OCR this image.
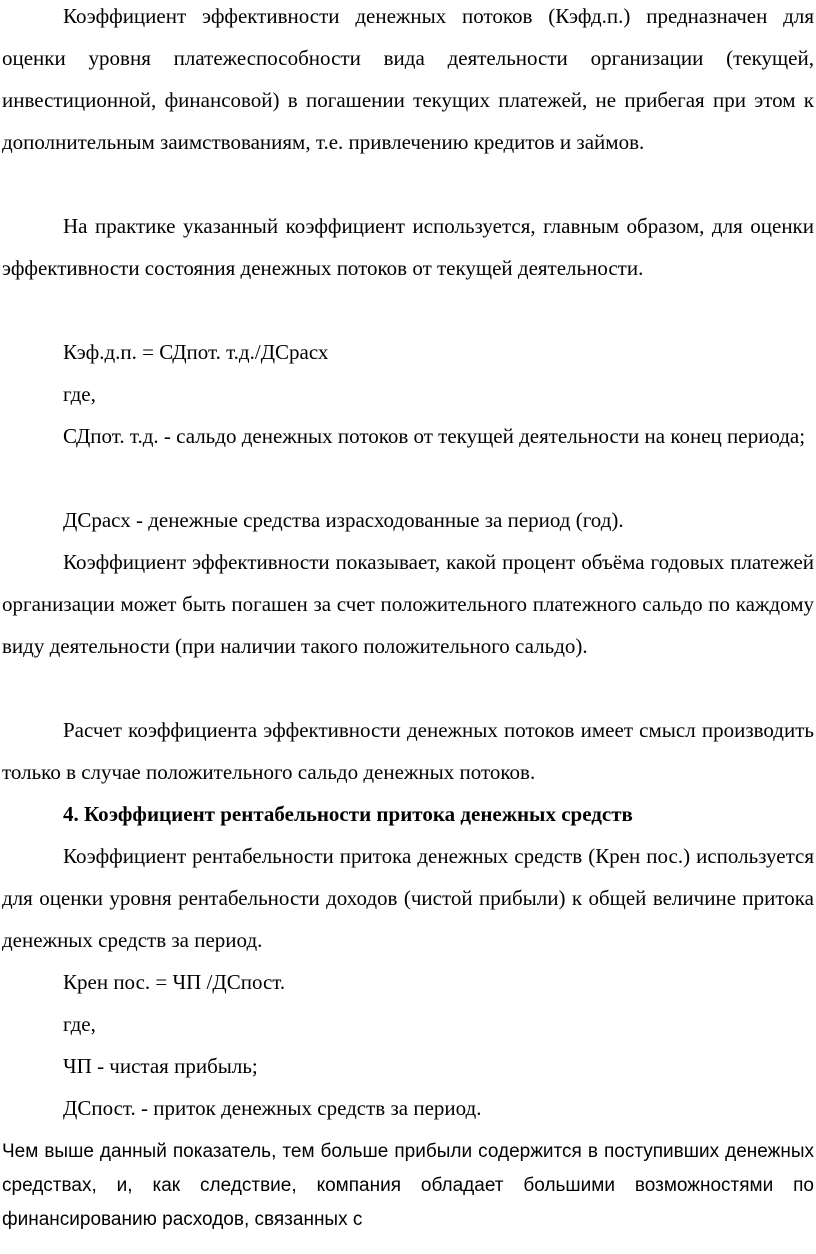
Коэффициент эффективности денежных потоков (Кэфд.п.) предназначен для оценки уровня платежеспособности вида деятельности организации (текущей, инвестиционной, финансовой) в погашении текущих платежей, не прибегая при этом к дополнительным заимствованиям, т.е. привлечению кредитов и займов.

На практике указанный коэффициент используется, главным образом, для оценки эффективности состояния денежных потоков от текущей деятельности.

Кэф.д.п. = СДпот. т.д./ДСрасх

где,

СДпот. т.д. - сальдо денежных потоков от текущей деятельности на конец периода;

ДСрасх - денежные средства израсходованные за период (год).

Коэффициент эффективности показывает, какой процент объёма годовых платежей организации может быть погашен за счет положительного платежного сальдо по каждому виду деятельности (при наличии такого положительного сальдо).

Расчет коэффициента эффективности денежных потоков имеет смысл производить только в случае положительного сальдо денежных потоков.

4. Коэффициент рентабельности притока денежных средств

Коэффициент рентабельности притока денежных средств (Крен пос.) используется для оценки уровня рентабельности доходов (чистой прибыли) к общей величине притока денежных средств за период.

Крен пос. = ЧП /ДСпост.

где,

ЧП - чистая прибыль;

ДСпост. - приток денежных средств за период.

Чем выше данный показатель, тем больше прибыли содержится в поступивших денежных средствах, и, как следствие, компания обладает большими возможностями по финансированию расходов, связанных с
